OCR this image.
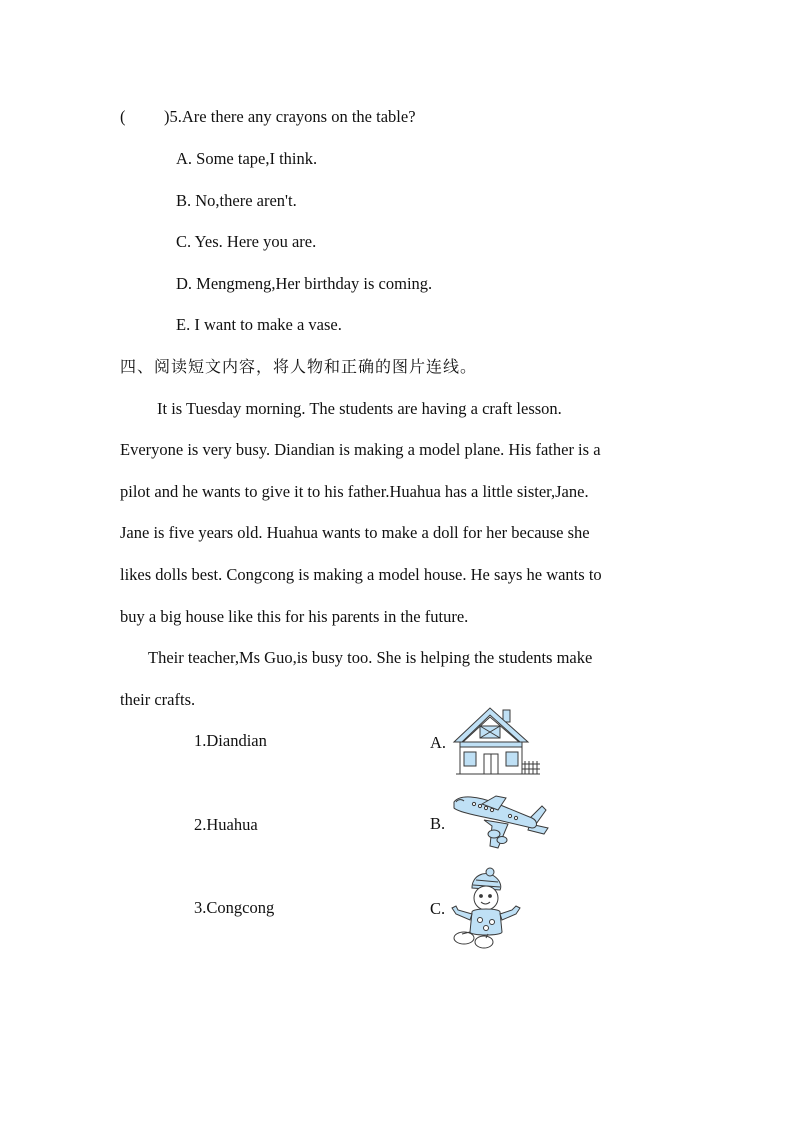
( )5.Are there any crayons on the table?
A. Some tape,I think.
B. No,there aren't.
C. Yes. Here you are.
D. Mengmeng,Her birthday is coming.
E. I want to make a vase.
四、阅读短文内容，将人物和正确的图片连线。
It is Tuesday morning. The students are having a craft lesson.
Everyone is very busy. Diandian is making a model plane. His father is a
pilot and he wants to give it to his father.Huahua has a little sister,Jane.
Jane is five years old. Huahua wants to make a doll for her because she
likes dolls best. Congcong is making a model house. He says he wants to
buy a big house like this for his parents in the future.
Their teacher,Ms Guo,is busy too. She is helping the students make
their crafts.
1.Diandian
2.Huahua
3.Congcong
A.
B.
C.
